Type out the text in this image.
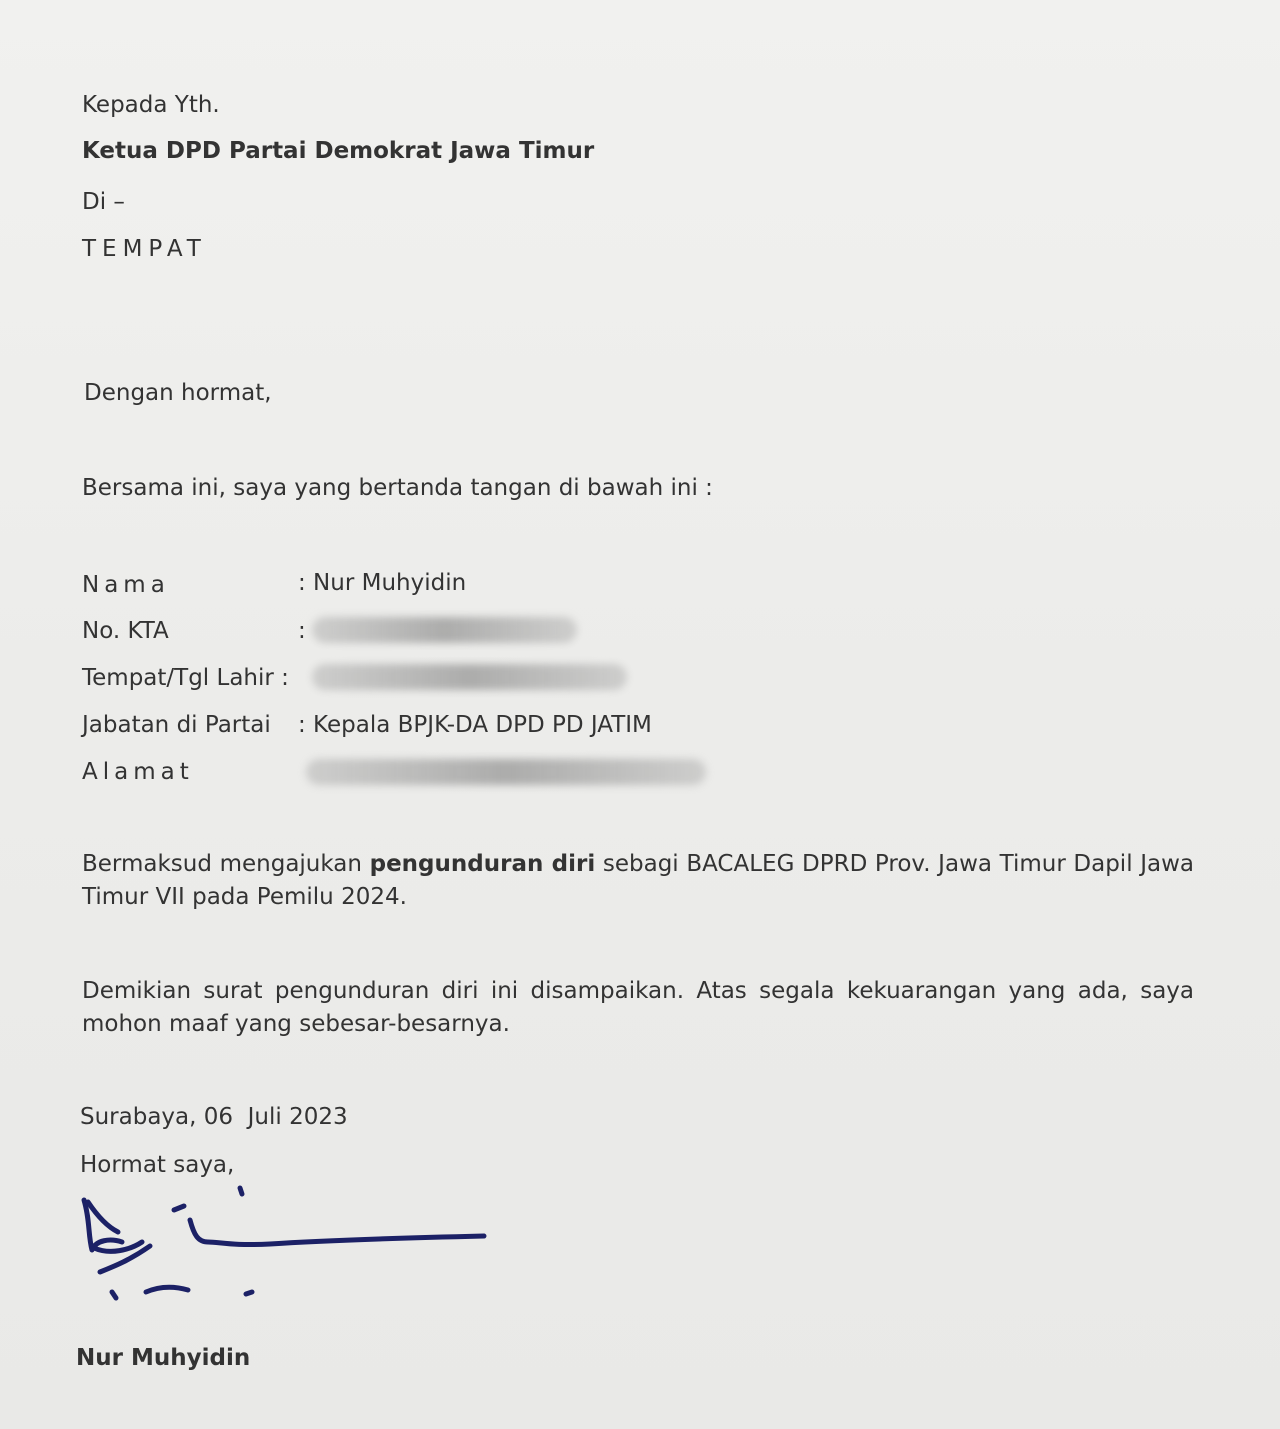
Kepada Yth.
Ketua DPD Partai Demokrat Jawa Timur
Di –
TEMPAT
Dengan hormat,
Bersama ini, saya yang bertanda tangan di bawah ini :
Nama	: Nur Muhyidin
No. KTA	:
Tempat/Tgl Lahir :
Jabatan di Partai : Kepala BPJK-DA DPD PD JATIM
Alamat
Bermaksud mengajukan pengunduran diri sebagi BACALEG DPRD Prov. Jawa Timur Dapil Jawa Timur VII pada Pemilu 2024.
Demikian surat pengunduran diri ini disampaikan. Atas segala kekuarangan yang ada, saya mohon maaf yang sebesar-besarnya.
Surabaya, 06  Juli 2023
Hormat saya,
Nur Muhyidin
